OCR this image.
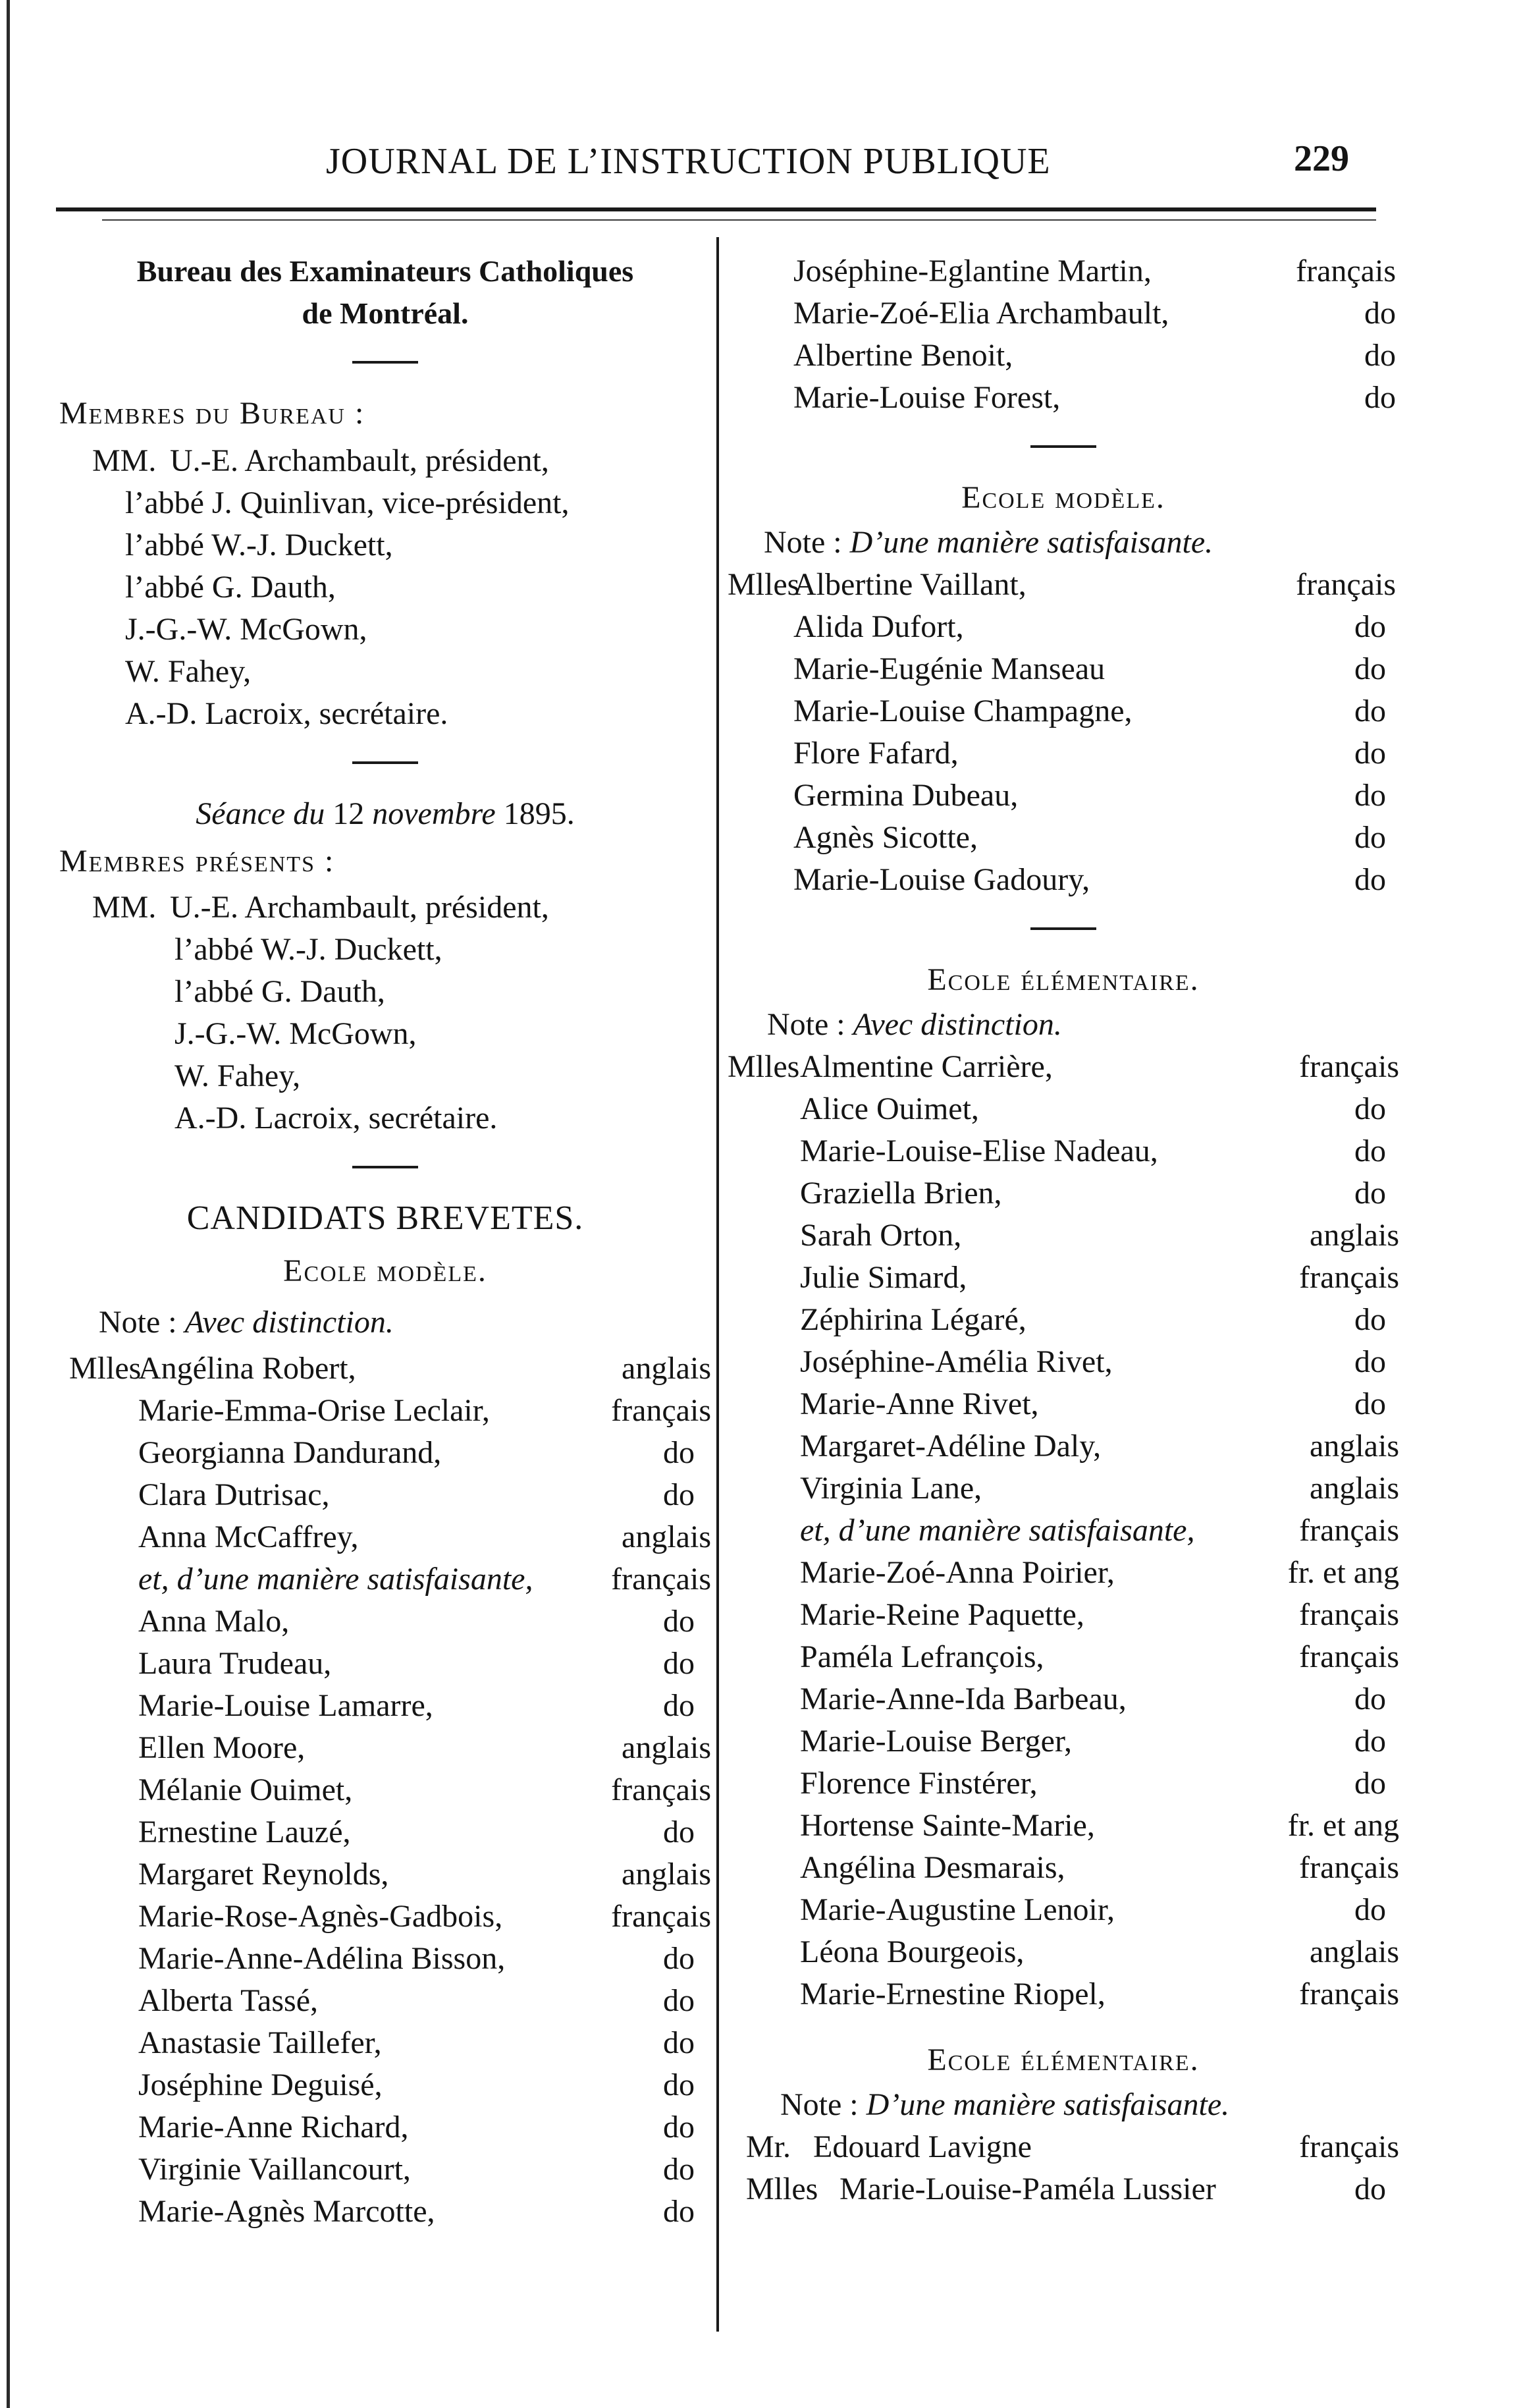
JOURNAL DE L’INSTRUCTION PUBLIQUE	229
Bureau des Examinateurs Catholiques
de Montréal.
Membres du Bureau :
MM. U.-E. Archambault, président,
l’abbé J. Quinlivan, vice-président,
l’abbé W.-J. Duckett,
l’abbé G. Dauth,
J.-G.-W. McGown,
W. Fahey,
A.-D. Lacroix, secrétaire.
Séance du 12 novembre 1895.
Membres présents :
MM. U.-E. Archambault, président,
l’abbé W.-J. Duckett,
l’abbé G. Dauth,
J.-G.-W. McGown,
W. Fahey,
A.-D. Lacroix, secrétaire.
CANDIDATS BREVETES.
Ecole modèle.
Note : Avec distinction.
Mlles
Angélina Robert,	anglais
Marie-Emma-Orise Leclair,	français
Georgianna Dandurand,	do
Clara Dutrisac,	do
Anna McCaffrey,	anglais
et, d’une manière satisfaisante, français
Anna Malo,	do
Laura Trudeau,	do
Marie-Louise Lamarre,	do
Ellen Moore,	anglais
Mélanie Ouimet,	français
Ernestine Lauzé,	do
Margaret Reynolds,	anglais
Marie-Rose-Agnès-Gadbois,	français
Marie-Anne-Adélina Bisson,	do
Alberta Tassé,	do
Anastasie Taillefer,	do
Joséphine Deguisé,	do
Marie-Anne Richard,	do
Virginie Vaillancourt,	do
Marie-Agnès Marcotte,	do
Joséphine-Eglantine Martin,	français
Marie-Zoé-Elia Archambault,	do
Albertine Benoit,	do
Marie-Louise Forest,	do
Ecole modèle.
Note : D’une manière satisfaisante.
Mlles
Albertine Vaillant,	français
Alida Dufort,	do
Marie-Eugénie Manseau	do
Marie-Louise Champagne,	do
Flore Fafard,	do
Germina Dubeau,	do
Agnès Sicotte,	do
Marie-Louise Gadoury,	do
Ecole élémentaire.
Note : Avec distinction.
Mlles Almentine Carrière,	français
Alice Ouimet,	do
Marie-Louise-Elise Nadeau,	do
Graziella Brien,	do
Sarah Orton,	anglais
Julie Simard,	français
Zéphirina Légaré,	do
Joséphine-Amélia Rivet,	do
Marie-Anne Rivet,	do
Margaret-Adéline Daly,	anglais
Virginia Lane,	anglais
et, d’une manière satisfaisante,	français
Marie-Zoé-Anna Poirier,	fr. et ang
Marie-Reine Paquette,	français
Paméla Lefrançois,	français
Marie-Anne-Ida Barbeau,	do
Marie-Louise Berger,	do
Florence Finstérer,	do
Hortense Sainte-Marie,	fr. et ang
Angélina Desmarais,	français
Marie-Augustine Lenoir,	do
Léona Bourgeois,	anglais
Marie-Ernestine Riopel,	français
Ecole élémentaire.
Note : D’une manière satisfaisante.
Mr. Edouard Lavigne	français
Mlles Marie-Louise-Paméla Lussier	do
